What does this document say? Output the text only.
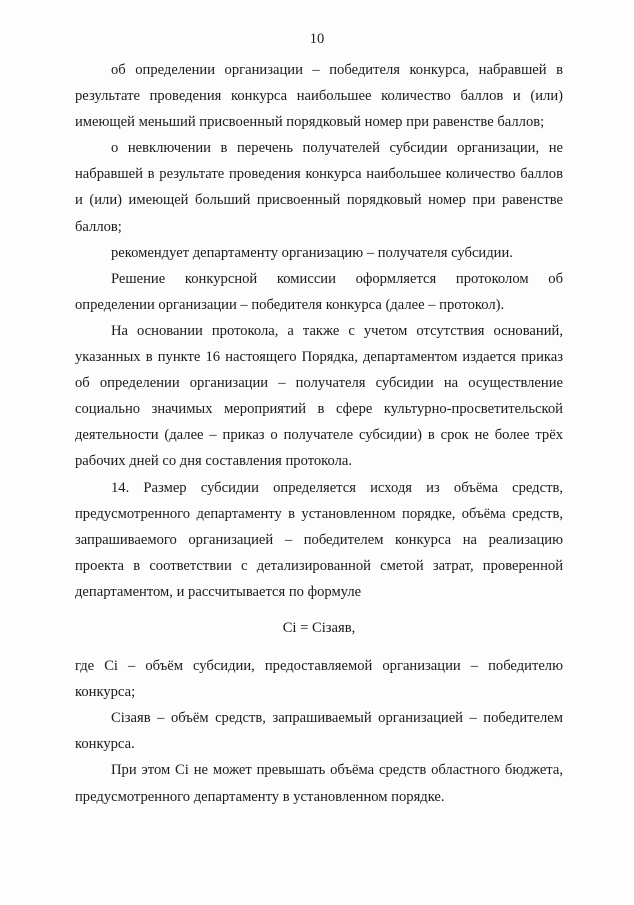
10

об определении организации – победителя конкурса, набравшей в результате проведения конкурса наибольшее количество баллов и (или) имеющей меньший присвоенный порядковый номер при равенстве баллов;

о невключении в перечень получателей субсидии организации, не набравшей в результате проведения конкурса наибольшее количество баллов и (или) имеющей больший присвоенный порядковый номер при равенстве баллов;

рекомендует департаменту организацию – получателя субсидии.

Решение конкурсной комиссии оформляется протоколом об определении организации – победителя конкурса (далее – протокол).

На основании протокола, а также с учетом отсутствия оснований, указанных в пункте 16 настоящего Порядка, департаментом издается приказ об определении организации – получателя субсидии на осуществление социально значимых мероприятий в сфере культурно-просветительской деятельности (далее – приказ о получателе субсидии) в срок не более трёх рабочих дней со дня составления протокола.

14. Размер субсидии определяется исходя из объёма средств, предусмотренного департаменту в установленном порядке, объёма средств, запрашиваемого организацией – победителем конкурса на реализацию проекта в соответствии с детализированной сметой затрат, проверенной департаментом, и рассчитывается по формуле

Ci = Ciзаяв,

где Ci – объём субсидии, предоставляемой организации – победителю конкурса;

Ciзаяв – объём средств, запрашиваемый организацией – победителем конкурса.

При этом Ci не может превышать объёма средств областного бюджета, предусмотренного департаменту в установленном порядке.
